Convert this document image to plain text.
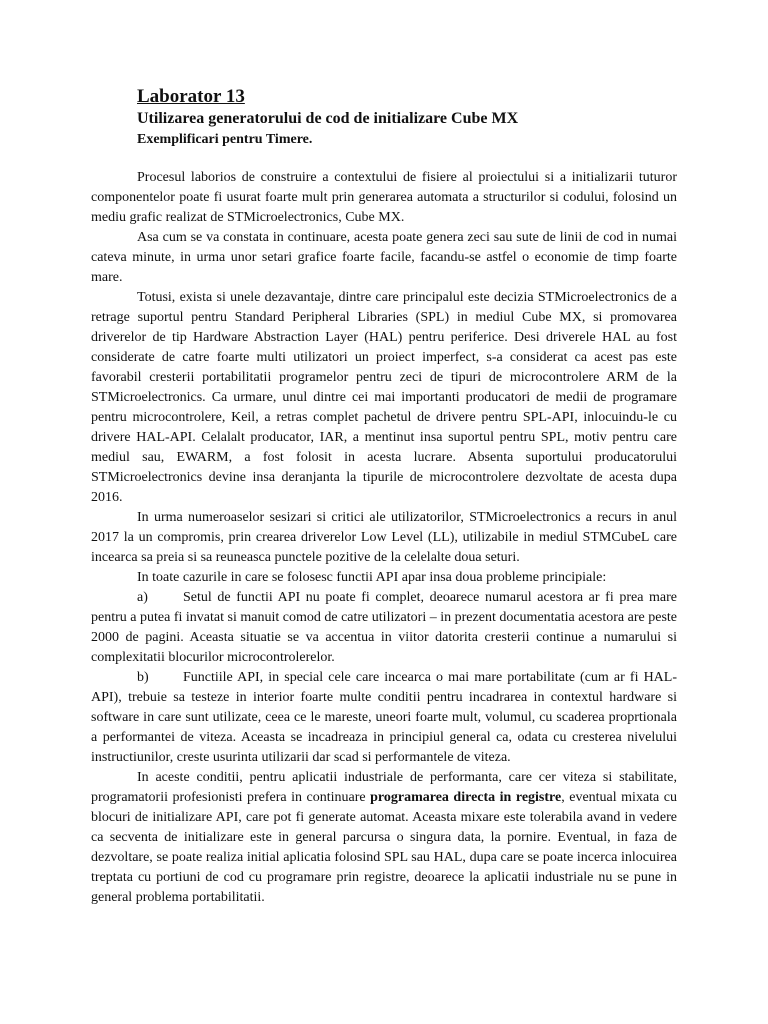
Laborator 13
Utilizarea generatorului de cod de initializare Cube MX
Exemplificari pentru Timere.

Procesul laborios de construire a contextului de fisiere al proiectului si a initializarii tuturor componentelor poate fi usurat foarte mult prin generarea automata a structurilor si codului, folosind un mediu grafic realizat de STMicroelectronics, Cube MX.

Asa cum se va constata in continuare, acesta poate genera zeci sau sute de linii de cod in numai cateva minute, in urma unor setari grafice foarte facile, facandu-se astfel o economie de timp foarte mare.

Totusi, exista si unele dezavantaje, dintre care principalul este decizia STMicroelectronics de a retrage suportul pentru Standard Peripheral Libraries (SPL) in mediul Cube MX, si promovarea driverelor de tip Hardware Abstraction Layer (HAL) pentru periferice. Desi driverele HAL au fost considerate de catre foarte multi utilizatori un proiect imperfect, s-a considerat ca acest pas este favorabil cresterii portabilitatii programelor pentru zeci de tipuri de microcontrolere ARM de la STMicroelectronics. Ca urmare, unul dintre cei mai importanti producatori de medii de programare pentru microcontrolere, Keil, a retras complet pachetul de drivere pentru SPL-API, inlocuindu-le cu drivere HAL-API. Celalalt producator, IAR, a mentinut insa suportul pentru SPL, motiv pentru care mediul sau, EWARM, a fost folosit in acesta lucrare. Absenta suportului producatorului STMicroelectronics devine insa deranjanta la tipurile de microcontrolere dezvoltate de acesta dupa 2016.

In urma numeroaselor sesizari si critici ale utilizatorilor, STMicroelectronics a recurs in anul 2017 la un compromis, prin crearea driverelor Low Level (LL), utilizabile in mediul STMCubeL care incearca sa preia si sa reuneasca punctele pozitive de la celelalte doua seturi.

In toate cazurile in care se folosesc functii API apar insa doua probleme principiale:

a)	Setul de functii API nu poate fi complet, deoarece numarul acestora ar fi prea mare pentru a putea fi invatat si manuit comod de catre utilizatori – in prezent documentatia acestora are peste 2000 de pagini. Aceasta situatie se va accentua in viitor datorita cresterii continue a numarului si complexitatii blocurilor microcontrolerelor.

b) Functiile API, in special cele care incearca o mai mare portabilitate (cum ar fi HAL-API), trebuie sa testeze in interior foarte multe conditii pentru incadrarea in contextul hardware si software in care sunt utilizate, ceea ce le mareste, uneori foarte mult, volumul, cu scaderea proprtionala a performantei de viteza. Aceasta se incadreaza in principiul general ca, odata cu cresterea nivelului instructiunilor, creste usurinta utilizarii dar scad si performantele de viteza.

In aceste conditii, pentru aplicatii industriale de performanta, care cer viteza si stabilitate, programatorii profesionisti prefera in continuare programarea directa in registre, eventual mixata cu blocuri de initializare API, care pot fi generate automat. Aceasta mixare este tolerabila avand in vedere ca secventa de initializare este in general parcursa o singura data, la pornire. Eventual, in faza de dezvoltare, se poate realiza initial aplicatia folosind SPL sau HAL, dupa care se poate incerca inlocuirea treptata cu portiuni de cod cu programare prin registre, deoarece la aplicatii industriale nu se pune in general problema portabilitatii.
